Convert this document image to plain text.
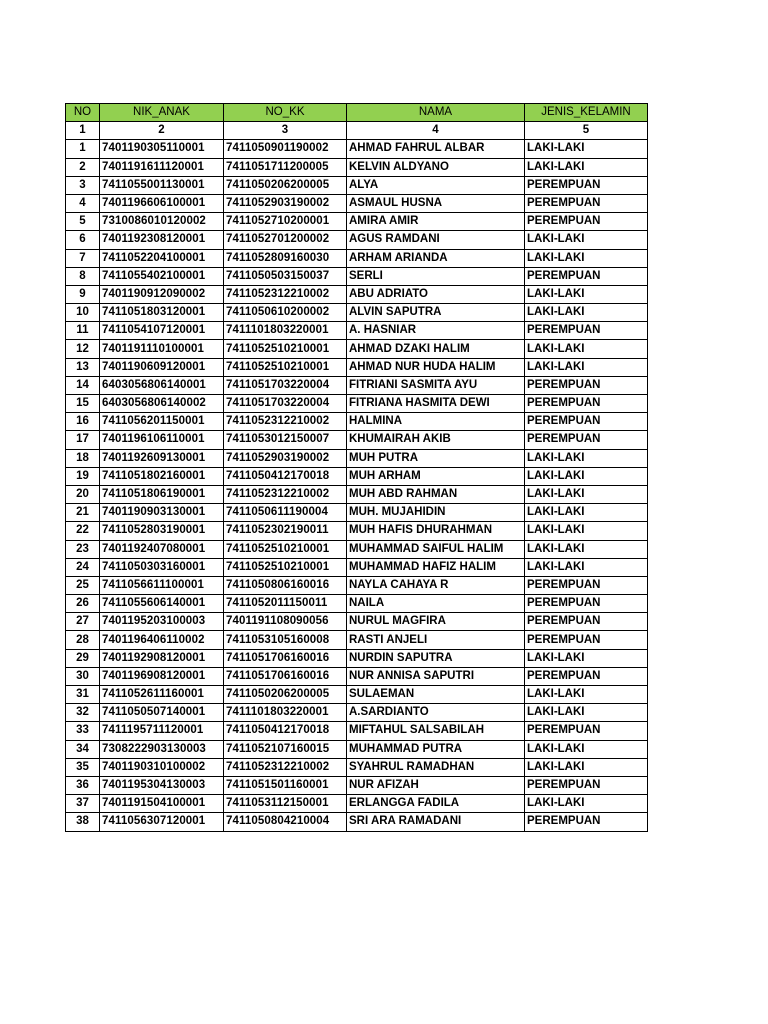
NO	NIK_ANAK	NO_KK	NAMA	JENIS_KELAMIN
1	2	3	4	5
1	7401190305110001	7411050901190002	AHMAD FAHRUL ALBAR	LAKI-LAKI
2	7401191611120001	7411051711200005	KELVIN ALDYANO	LAKI-LAKI
3	7411055001130001	7411050206200005	ALYA	PEREMPUAN
4	7401196606100001	7411052903190002	ASMAUL HUSNA	PEREMPUAN
5	7310086010120002	7411052710200001	AMIRA AMIR	PEREMPUAN
6	7401192308120001	7411052701200002	AGUS RAMDANI	LAKI-LAKI
7	7411052204100001	7411052809160030	ARHAM ARIANDA	LAKI-LAKI
8	7411055402100001	7411050503150037	SERLI	PEREMPUAN
9	7401190912090002	7411052312210002	ABU ADRIATO	LAKI-LAKI
10	7411051803120001	7411050610200002	ALVIN SAPUTRA	LAKI-LAKI
11	7411054107120001	7411101803220001	A. HASNIAR	PEREMPUAN
12	7401191110100001	7411052510210001	AHMAD DZAKI HALIM	LAKI-LAKI
13	7401190609120001	7411052510210001	AHMAD NUR HUDA HALIM	LAKI-LAKI
14	6403056806140001	7411051703220004	FITRIANI SASMITA AYU	PEREMPUAN
15	6403056806140002	7411051703220004	FITRIANA HASMITA DEWI	PEREMPUAN
16	7411056201150001	7411052312210002	HALMINA	PEREMPUAN
17	7401196106110001	7411053012150007	KHUMAIRAH AKIB	PEREMPUAN
18	7401192609130001	7411052903190002	MUH PUTRA	LAKI-LAKI
19	7411051802160001	7411050412170018	MUH ARHAM	LAKI-LAKI
20	7411051806190001	7411052312210002	MUH ABD RAHMAN	LAKI-LAKI
21	7401190903130001	7411050611190004	MUH. MUJAHIDIN	LAKI-LAKI
22	7411052803190001	7411052302190011	MUH HAFIS DHURAHMAN	LAKI-LAKI
23	7401192407080001	7411052510210001	MUHAMMAD SAIFUL HALIM	LAKI-LAKI
24	7411050303160001	7411052510210001	MUHAMMAD HAFIZ HALIM	LAKI-LAKI
25	7411056611100001	7411050806160016	NAYLA CAHAYA R	PEREMPUAN
26	7411055606140001	7411052011150011	NAILA	PEREMPUAN
27	7401195203100003	7401191108090056	NURUL MAGFIRA	PEREMPUAN
28	7401196406110002	7411053105160008	RASTI ANJELI	PEREMPUAN
29	7401192908120001	7411051706160016	NURDIN SAPUTRA	LAKI-LAKI
30	7401196908120001	7411051706160016	NUR ANNISA SAPUTRI	PEREMPUAN
31	7411052611160001	7411050206200005	SULAEMAN	LAKI-LAKI
32	7411050507140001	7411101803220001	A.SARDIANTO	LAKI-LAKI
33	7411195711120001	7411050412170018	MIFTAHUL SALSABILAH	PEREMPUAN
34	7308222903130003	7411052107160015	MUHAMMAD PUTRA	LAKI-LAKI
35	7401190310100002	7411052312210002	SYAHRUL RAMADHAN	LAKI-LAKI
36	7401195304130003	7411051501160001	NUR AFIZAH	PEREMPUAN
37	7401191504100001	7411053112150001	ERLANGGA FADILA	LAKI-LAKI
38	7411056307120001	7411050804210004	SRI ARA RAMADANI	PEREMPUAN
